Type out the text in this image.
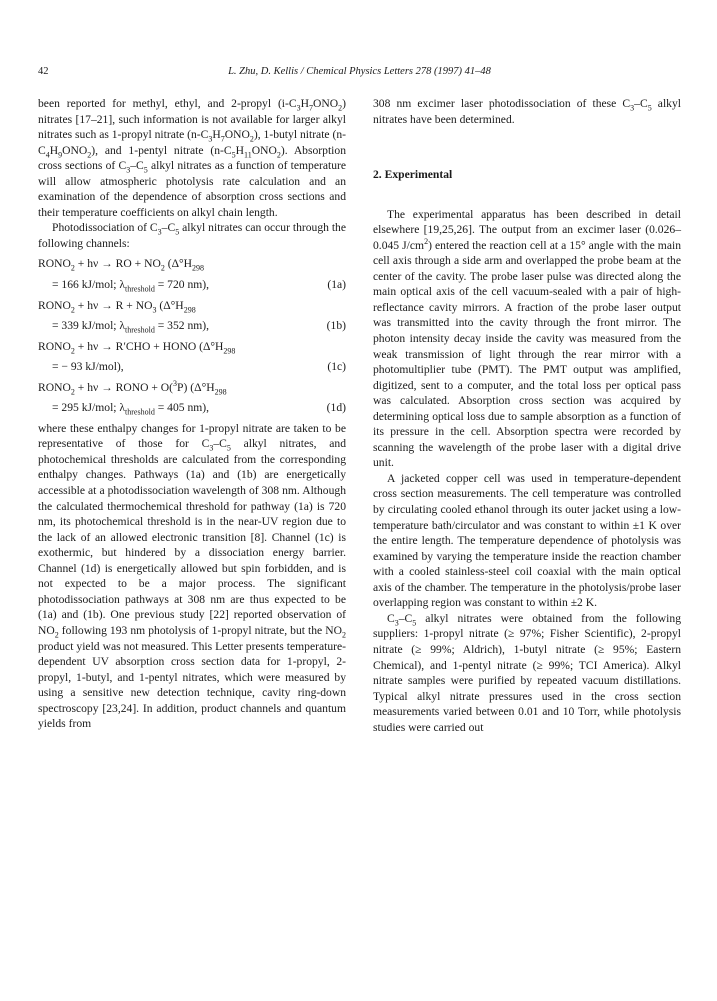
42	L. Zhu, D. Kellis / Chemical Physics Letters 278 (1997) 41–48

been reported for methyl, ethyl, and 2-propyl $(i-C_3H_7ONO_2)$ nitrates [17–21], such information is not available for larger alkyl nitrates such as 1-propyl nitrate $(n-C_3H_7ONO_2)$, 1-butyl nitrate $(n-C_4H_9ONO_2)$, and 1-pentyl nitrate $(n-C_5H_{11}ONO_2)$. Absorption cross sections of $C_3-C_5$ alkyl nitrates as a function of temperature will allow atmospheric photolysis rate calculation and an examination of the dependence of absorption cross sections and their temperature coefficients on alkyl chain length.

Photodissociation of $C_3-C_5$ alkyl nitrates can occur through the following channels:

$RONO_2 + h\nu$ → RO + $NO_2$ ($\Delta^\circ H_{298}$
= 166 kJ/mol; $\lambda_{threshold} = 720$ nm),	(1a)
$RONO_2 + h\nu \to R + NO_3$ ($\Delta^\circ H_{298}$
= 339 kJ/mol; $\lambda_{threshold} = 352$ nm),	(1b)
$RONO_2 + h\nu \to R'CHO$ + HONO ($\Delta^\circ H_{298}$
= − 93 kJ/mol),	(1c)
$RONO_2 + h\nu$ → RONO + O($^3$P) ($\Delta^\circ H_{298}$
= 295 kJ/mol; $\lambda_{threshold} = 405$ nm),	(1d)

where these enthalpy changes for 1-propyl nitrate are taken to be representative of those for $C_3-C_5$ alkyl nitrates, and photochemical thresholds are calculated from the corresponding enthalpy changes. Pathways (1a) and (1b) are energetically accessible at a photodissociation wavelength of 308 nm. Although the calculated thermochemical threshold for pathway (1a) is 720 nm, its photochemical threshold is in the near-UV region due to the lack of an allowed electronic transition [8]. Channel (1c) is exothermic, but hindered by a dissociation energy barrier. Channel (1d) is energetically allowed but spin forbidden, and is not expected to be a major process. The significant photodissociation pathways at 308 nm are thus expected to be (1a) and (1b). One previous study [22] reported observation of $NO_2$ following 193 nm photolysis of 1-propyl nitrate, but the $NO_2$ product yield was not measured. This Letter presents temperature-dependent UV absorption cross section data for 1-propyl, 2-propyl, 1-butyl, and 1-pentyl nitrates, which were measured by using a sensitive new detection technique, cavity ring-down spectroscopy [23,24]. In addition, product channels and quantum yields from

308 nm excimer laser photodissociation of these $C_3-C_5$ alkyl nitrates have been determined.

2. Experimental

The experimental apparatus has been described in detail elsewhere [19,25,26]. The output from an excimer laser (0.026–0.045 $J/cm^2$) entered the reaction cell at a 15° angle with the main cell axis through a side arm and overlapped the probe beam at the center of the cavity. The probe laser pulse was directed along the main optical axis of the cell vacuum-sealed with a pair of high-reflectance cavity mirrors. A fraction of the probe laser output was transmitted into the cavity through the front mirror. The photon intensity decay inside the cavity was measured from the weak transmission of light through the rear mirror with a photomultiplier tube (PMT). The PMT output was amplified, digitized, sent to a computer, and the total loss per optical pass was calculated. Absorption cross section was acquired by determining optical loss due to sample absorption as a function of its pressure in the cell. Absorption spectra were recorded by scanning the wavelength of the probe laser with a digital drive unit.

A jacketed copper cell was used in temperature-dependent cross section measurements. The cell temperature was controlled by circulating cooled ethanol through its outer jacket using a low-temperature bath/circulator and was constant to within ±1 K over the entire length. The temperature dependence of photolysis was examined by varying the temperature inside the reaction chamber with a cooled stainless-steel coil coaxial with the main optical axis of the chamber. The temperature in the photolysis/probe laser overlapping region was constant to within ±2 K.

$C_3-C_5$ alkyl nitrates were obtained from the following suppliers: 1-propyl nitrate (≥ 97%; Fisher Scientific), 2-propyl nitrate (≥ 99%; Aldrich), 1-butyl nitrate (≥ 95%; Eastern Chemical), and 1-pentyl nitrate (≥ 99%; TCI America). Alkyl nitrate samples were purified by repeated vacuum distillations. Typical alkyl nitrate pressures used in the cross section measurements varied between 0.01 and 10 Torr, while photolysis studies were carried out
